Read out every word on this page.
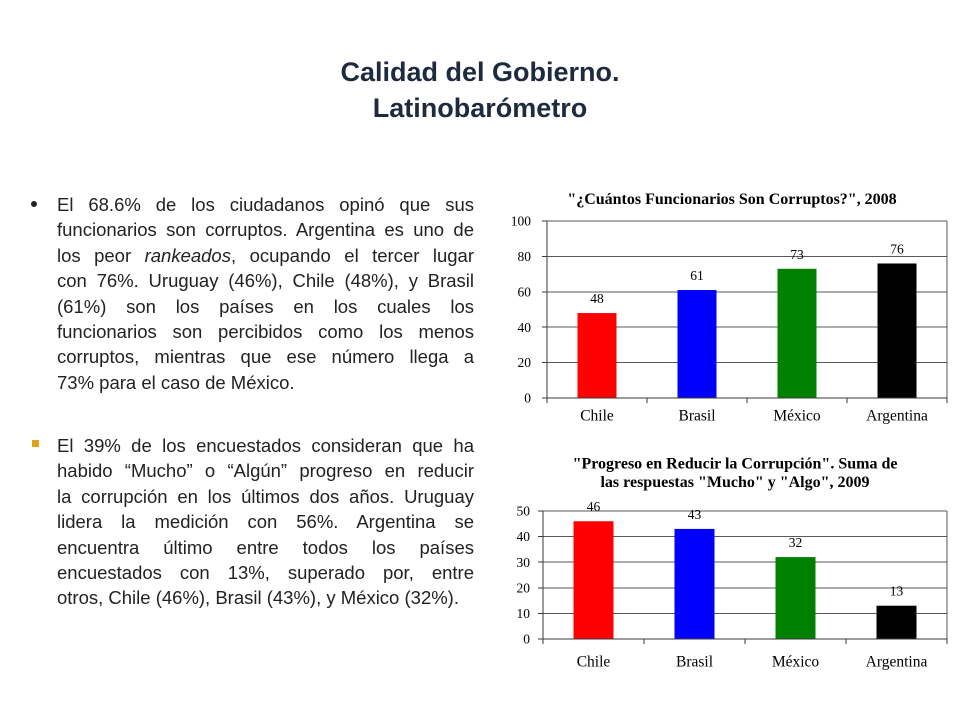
Calidad del Gobierno.
Latinobarómetro
El 68.6% de los ciudadanos opinó que sus
funcionarios son corruptos. Argentina es uno de
los peor rankeados, ocupando el tercer lugar
con 76%. Uruguay (46%), Chile (48%), y Brasil
(61%) son los países en los cuales los
funcionarios son percibidos como los menos
corruptos, mientras que ese número llega a
73% para el caso de México.
El 39% de los encuestados consideran que ha
habido “Mucho” o “Algún” progreso en reducir
la corrupción en los últimos dos años. Uruguay
lidera la medición con 56%. Argentina se
encuentra último entre todos los países
encuestados con 13%, superado por, entre
otros, Chile (46%), Brasil (43%), y México (32%).
"¿Cuántos Funcionarios Son Corruptos?", 2008
0
20
40
60
80
100
48
Chile
61
Brasil
73
México
76
Argentina
"Progreso en Reducir la Corrupción". Suma de
las respuestas "Mucho" y "Algo", 2009
0
10
20
30
40
50	46
Chile
43
Brasil
32
México
13
Argentina
